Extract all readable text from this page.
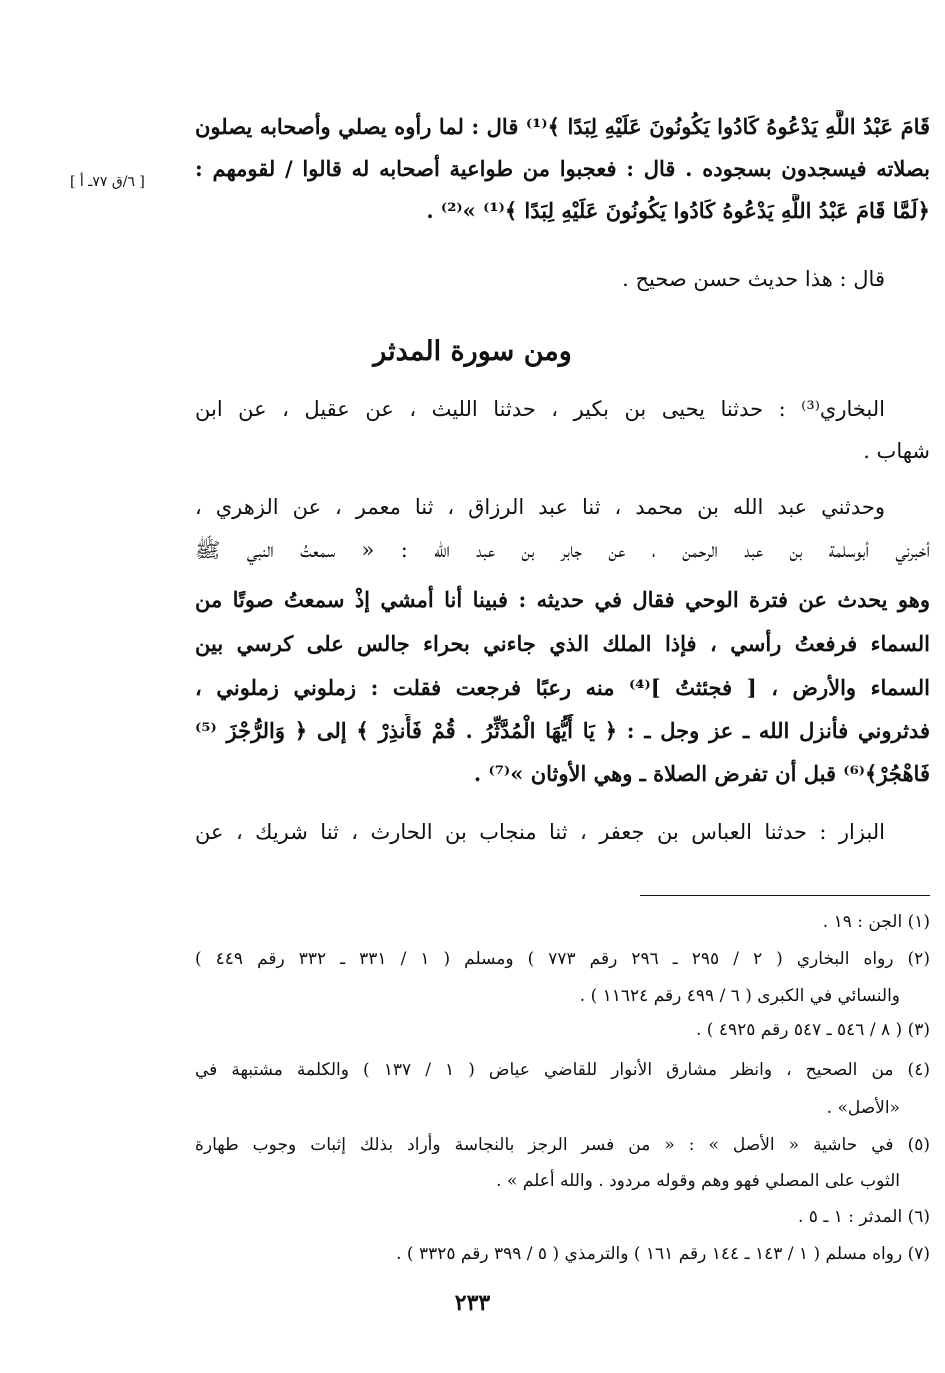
قَامَ عَبْدُ اللَّهِ يَدْعُوهُ كَادُوا يَكُونُونَ عَلَيْهِ لِبَدًا ﴾⁽¹⁾ قال : لما رأوه يصلي وأصحابه يصلون
بصلاته فيسجدون بسجوده . قال : فعجبوا من طواعية أصحابه له قالوا / لقومهم :
[ ٦/ق ٧٧ـ أ ]
﴿لَمَّا قَامَ عَبْدُ اللَّهِ يَدْعُوهُ كَادُوا يَكُونُونَ عَلَيْهِ لِبَدًا ﴾⁽¹⁾ »⁽²⁾ .
قال : هذا حديث حسن صحيح .
ومن سورة المدثر
البخاري⁽³⁾ : حدثنا يحيى بن بكير ، حدثنا الليث ، عن عقيل ، عن ابن
شهاب .
وحدثني عبد الله بن محمد ، ثنا عبد الرزاق ، ثنا معمر ، عن الزهري ،
أخبرني أبوسلمة بن عبد الرحمن ، عن جابر بن عبد الله : « سمعتُ النبي ﷺ
وهو يحدث عن فترة الوحي فقال في حديثه : فبينا أنا أمشي إذْ سمعتُ صوتًا من
السماء فرفعتُ رأسي ، فإذا الملك الذي جاءني بحراء جالس على كرسي بين
السماء والأرض ، [ فجئثتُ ]⁽⁴⁾ منه رعبًا فرجعت فقلت : زملوني زملوني ،
فدثروني فأنزل الله ـ عز وجل ـ : ﴿ يَا أَيُّهَا الْمُدَّثِّرُ . قُمْ فَأَنذِرْ ﴾ إلى ﴿ وَالرُّجْزَ ⁽⁵⁾
فَاهْجُرْ﴾⁽⁶⁾ قبل أن تفرض الصلاة ـ وهي الأوثان »⁽⁷⁾ .
البزار : حدثنا العباس بن جعفر ، ثنا منجاب بن الحارث ، ثنا شريك ، عن
(١) الجن : ١٩ .
(٢) رواه البخاري ( ٢ / ٢٩٥ ـ ٢٩٦ رقم ٧٧٣ ) ومسلم ( ١ / ٣٣١ ـ ٣٣٢ رقم ٤٤٩ )
والنسائي في الكبرى ( ٦ / ٤٩٩ رقم ١١٦٢٤ ) .
(٣) ( ٨ / ٥٤٦ ـ ٥٤٧ رقم ٤٩٢٥ ) .
(٤) من الصحيح ، وانظر مشارق الأنوار للقاضي عياض ( ١ / ١٣٧ ) والكلمة مشتبهة في
«الأصل» .
(٥) في حاشية « الأصل » : « من فسر الرجز بالنجاسة وأراد بذلك إثبات وجوب طهارة
الثوب على المصلي فهو وهم وقوله مردود . والله أعلم » .
(٦) المدثر : ١ ـ ٥ .
(٧) رواه مسلم ( ١ / ١٤٣ ـ ١٤٤ رقم ١٦١ ) والترمذي ( ٥ / ٣٩٩ رقم ٣٣٢٥ ) .
٢٣٣
